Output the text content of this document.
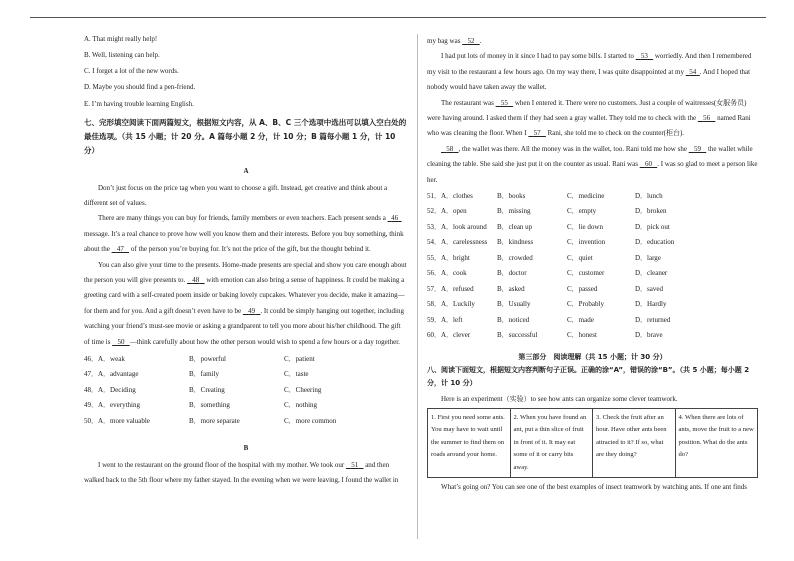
A. That might really help!

B. Well, listening can help.

C. I forget a lot of the new words.

D. Maybe you should find a pen-friend.

E. I’m having trouble learning English.

七、完形填空阅读下面两篇短文，根据短文内容，从 A、B、C 三个选项中选出可以填入空白处的最佳选项。（共 15 小题；计 20 分。A 篇每小题 2 分，计 10 分；B 篇每小题 1 分，计 10 分）

A

Don’t just focus on the price tag when you want to choose a gift. Instead, get creative and think about a different set of values.

There are many things you can buy for friends, family members or even teachers. Each present sends a   46   message. It’s a real chance to prove how well you know them and their interests. Before you buy something, think about the    47    of the person you’re buying for. It’s not the price of the gift, but the thought behind it.

You can also give your time to the presents. Home-made presents are special and show you care enough about the person you will give presents to.    48    with emotion can also bring a sense of happiness. It could be making a greeting card with a self-created poem inside or baking lovely cupcakes. Whatever you decide, make it amazing—for them and for you. And a gift doesn’t even have to be    49 . It could be simply hanging out together, including watching your friend’s must-see movie or asking a grandparent to tell you more about his/her childhood. The gift of time is    50 —think carefully about how the other person would wish to spend a few hours or a day together.

46．A．weak	B．powerful	C．patient
47．A．advantage	B．family	C．taste
48．A．Deciding	B．Creating	C．Cheering
49．A．everything	B．something	C．nothing
50．A．more valuable	B．more separate	C．more common

B

I went to the restaurant on the ground floor of the hospital with my mother. We took our    51    and then walked back to the 5th floor where my father stayed. In the evening when we were leaving, I found the wallet in

my bag was    52 .

I had put lots of money in it since I had to pay some bills. I started to    53    worriedly. And then I remembered my visit to the restaurant a few hours ago. On my way there, I was quite disappointed at my   54 . And I hoped that nobody would have taken away the wallet.

The restaurant was    55    when I entered it. There were no customers. Just a couple of waitresses(女服务员) were having around. I asked them if they had seen a gray wallet. They told me to check with the    56    named Rani who was cleaning the floor. When I    57    Rani, she told me to check on the counter(柜台).

58 , the wallet was there. All the money was in the wallet, too. Rani told me how she    59    the wallet while cleaning the table. She said she just put it on the counter as usual. Rani was    60 . I was so glad to meet a person like her.

51．A．clothes	B．books	C．medicine	D．lunch
52．A．open	B．missing	C．empty	D．broken
53．A．look around	B．clean up	C．lie down	D．pick out
54．A．carelessness	B．kindness	C．invention	D．education
55．A．bright	B．crowded	C．quiet	D．large
56．A．cook	B．doctor	C．customer	D．cleaner
57．A．refused	B．asked	C．passed	D．saved
58．A．Luckily	B．Usually	C．Probably	D．Hardly
59．A．left	B．noticed	C．made	D．returned
60．A．clever	B．successful	C．honest	D．brave

第三部分　阅读理解（共 15 小题；计 30 分）

八、阅读下面短文，根据短文内容判断句子正误。正确的涂“A”，错误的涂“B”。（共 5 小题；每小题 2 分，计 10 分）

Here is an experiment（实验）to see how ants can organize some clever teamwork.

1. First you need some ants. You may have to wait until the summer to find them on roads around your home.	2. When you have found an ant, put a thin slice of fruit in front of it. It may eat some of it or carry bits away.	3. Check the fruit after an hour. Have other ants been attracted to it? If so, what are they doing?	4. When there are lots of ants, move the fruit to a new position. What do the ants do?

What’s going on? You can see one of the best examples of insect teamwork by watching ants. If one ant finds
